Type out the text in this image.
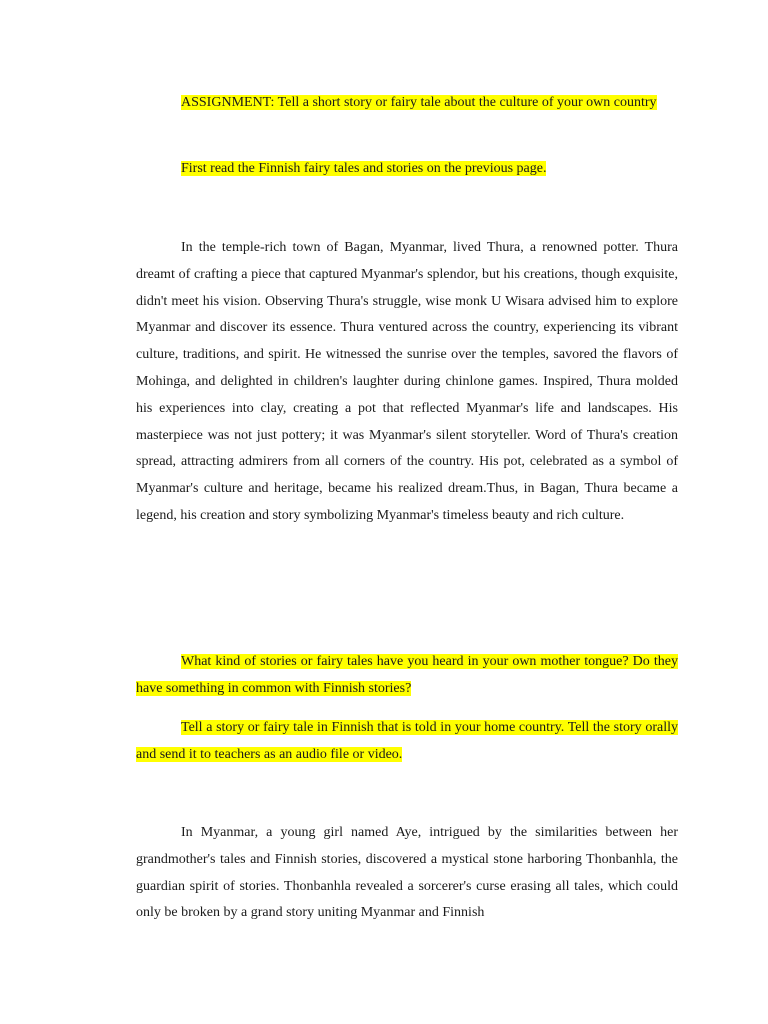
ASSIGNMENT: Tell a short story or fairy tale about the culture of your own country

First read the Finnish fairy tales and stories on the previous page.

In the temple-rich town of Bagan, Myanmar, lived Thura, a renowned potter. Thura dreamt of crafting a piece that captured Myanmar's splendor, but his creations, though exquisite, didn't meet his vision. Observing Thura's struggle, wise monk U Wisara advised him to explore Myanmar and discover its essence. Thura ventured across the country, experiencing its vibrant culture, traditions, and spirit. He witnessed the sunrise over the temples, savored the flavors of Mohinga, and delighted in children's laughter during chinlone games. Inspired, Thura molded his experiences into clay, creating a pot that reflected Myanmar's life and landscapes. His masterpiece was not just pottery; it was Myanmar's silent storyteller. Word of Thura's creation spread, attracting admirers from all corners of the country. His pot, celebrated as a symbol of Myanmar's culture and heritage, became his realized dream.Thus, in Bagan, Thura became a legend, his creation and story symbolizing Myanmar's timeless beauty and rich culture.

What kind of stories or fairy tales have you heard in your own mother tongue? Do they have something in common with Finnish stories?

Tell a story or fairy tale in Finnish that is told in your home country. Tell the story orally and send it to teachers as an audio file or video.

In Myanmar, a young girl named Aye, intrigued by the similarities between her grandmother's tales and Finnish stories, discovered a mystical stone harboring Thonbanhla, the guardian spirit of stories. Thonbanhla revealed a sorcerer's curse erasing all tales, which could only be broken by a grand story uniting Myanmar and Finnish
